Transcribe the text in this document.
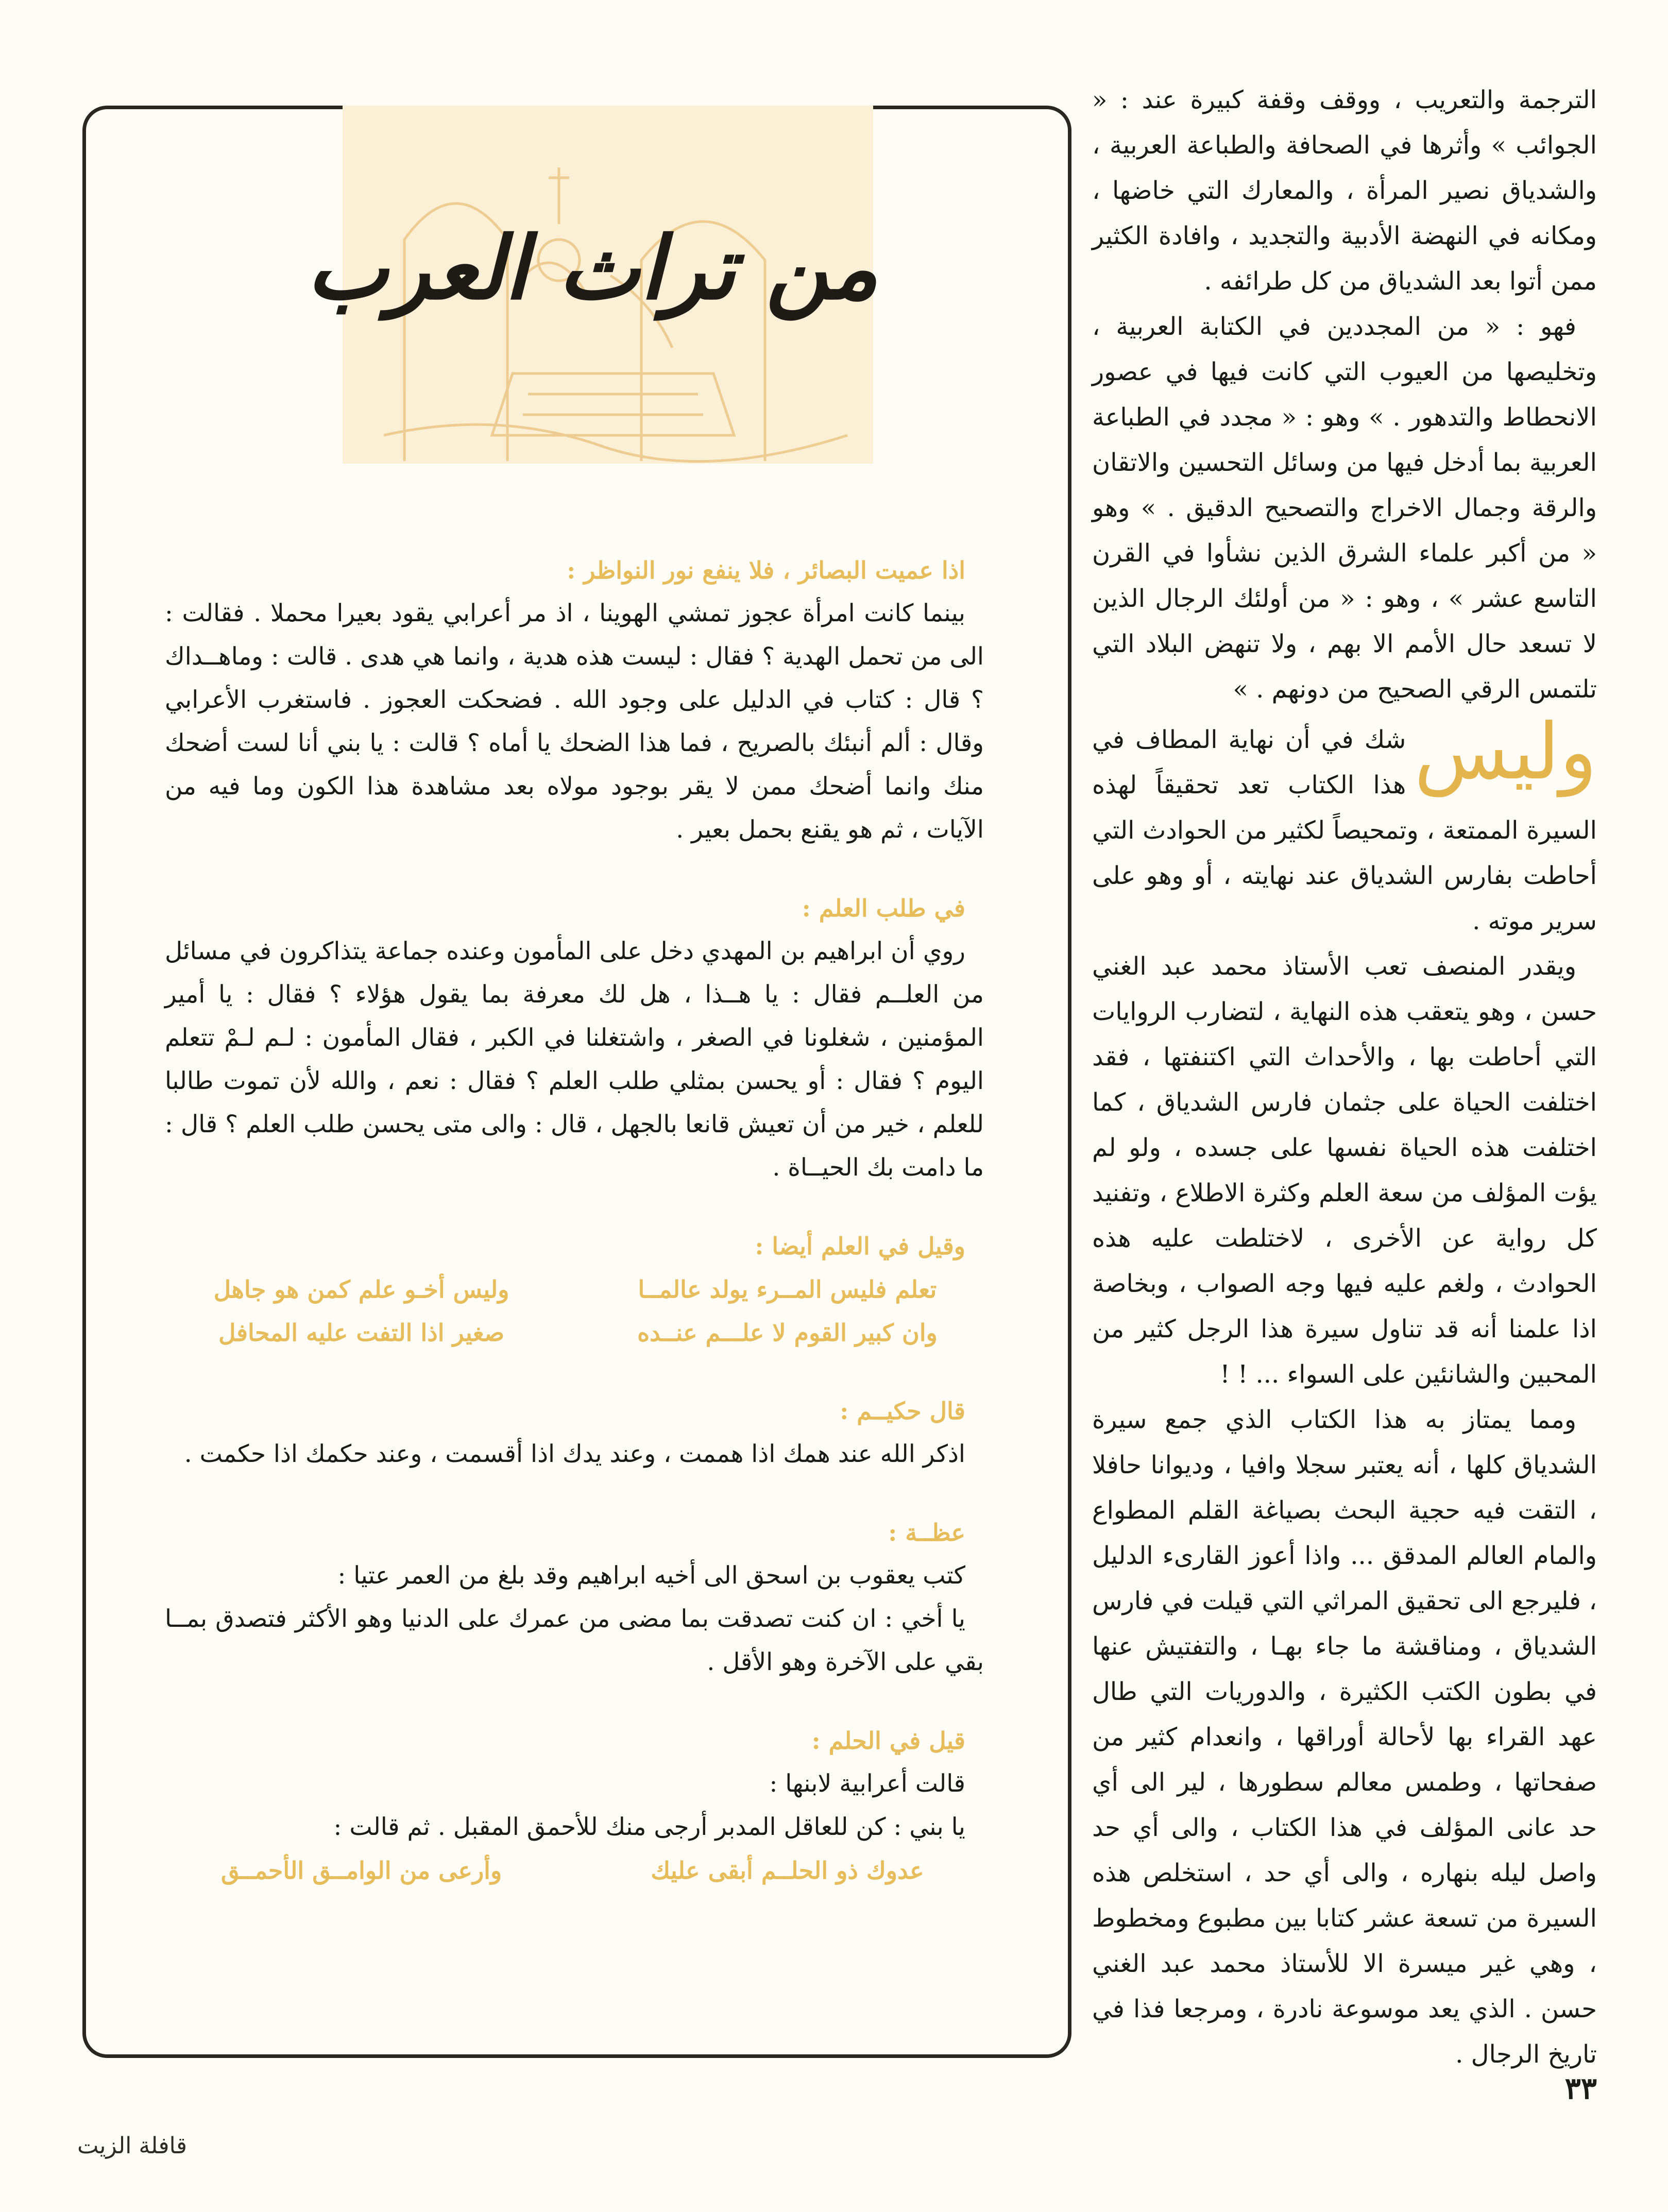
الترجمة والتعريب ، ووقف وقفة كبيرة عند : « الجوائب » وأثرها في الصحافة والطباعة العربية ، والشدياق نصير المرأة ، والمعارك التي خاضها ، ومكانه في النهضة الأدبية والتجديد ، وافادة الكثير ممن أتوا بعد الشدياق من كل طرائفه .

فهو : « من المجددين في الكتابة العربية ، وتخليصها من العيوب التي كانت فيها في عصور الانحطاط والتدهور . » وهو : « مجدد في الطباعة العربية بما أدخل فيها من وسائل التحسين والاتقان والرقة وجمال الاخراج والتصحيح الدقيق . » وهو « من أكبر علماء الشرق الذين نشأوا في القرن التاسع عشر » ، وهو : « من أولئك الرجال الذين لا تسعد حال الأمم الا بهم ، ولا تنهض البلاد التي تلتمس الرقي الصحيح من دونهم . »

وليس
شك في أن نهاية المطاف في هذا الكتاب تعد تحقيقاً لهذه السيرة الممتعة ، وتمحيصاً لكثير من الحوادث التي أحاطت بفارس الشدياق عند نهايته ، أو وهو على سرير موته .

ويقدر المنصف تعب الأستاذ محمد عبد الغني حسن ، وهو يتعقب هذه النهاية ، لتضارب الروايات التي أحاطت بها ، والأحداث التي اكتنفتها ، فقد اختلفت الحياة على جثمان فارس الشدياق ، كما اختلفت هذه الحياة نفسها على جسده ، ولو لم يؤت المؤلف من سعة العلم وكثرة الاطلاع ، وتفنيد كل رواية عن الأخرى ، لاختلطت عليه هذه الحوادث ، ولغم عليه فيها وجه الصواب ، وبخاصة اذا علمنا أنه قد تناول سيرة هذا الرجل كثير من المحبين والشانئين على السواء ... ! !

ومما يمتاز به هذا الكتاب الذي جمع سيرة الشدياق كلها ، أنه يعتبر سجلا وافيا ، وديوانا حافلا ، التقت فيه حجية البحث بصياغة القلم المطواع والمام العالم المدقق ... واذا أعوز القارىء الدليل ، فليرجع الى تحقيق المراثي التي قيلت في فارس الشدياق ، ومناقشة ما جاء بهـا ، والتفتيش عنها في بطون الكتب الكثيرة ، والدوريات التي طال عهد القراء بها لأحالة أوراقها ، وانعدام كثير من صفحاتها ، وطمس معالم سطورها ، لير الى أي حد عانى المؤلف في هذا الكتاب ، والى أي حد واصل ليله بنهاره ، والى أي حد ، استخلص هذه السيرة من تسعة عشر كتابا بين مطبوع ومخطوط ، وهي غير ميسرة الا للأستاذ محمد عبد الغني حسن . الذي يعد موسوعة نادرة ، ومرجعا فذا في تاريخ الرجال .

من تراث العرب

اذا عميت البصائر ، فلا ينفع نور النواظر :

بينما كانت امرأة عجوز تمشي الهوينا ، اذ مر أعرابي يقود بعيرا محملا . فقالت : الى من تحمل الهدية ؟ فقال : ليست هذه هدية ، وانما هي هدى . قالت : وماهــداك ؟ قال : كتاب في الدليل على وجود الله . فضحكت العجوز . فاستغرب الأعرابي وقال : ألم أنبئك بالصريح ، فما هذا الضحك يا أماه ؟ قالت : يا بني أنا لست أضحك منك وانما أضحك ممن لا يقر بوجود مولاه بعد مشاهدة هذا الكون وما فيه من الآيات ، ثم هو يقنع بحمل بعير .

في طلب العلم :

روي أن ابراهيم بن المهدي دخل على المأمون وعنده جماعة يتذاكرون في مسائل من العلــم فقال : يا هــذا ، هل لك معرفة بما يقول هؤلاء ؟ فقال : يا أمير المؤمنين ، شغلونا في الصغر ، واشتغلنا في الكبر ، فقال المأمون : لـم لـمْ تتعلم اليوم ؟ فقال : أو يحسن بمثلي طلب العلم ؟ فقال : نعم ، والله لأن تموت طالبا للعلم ، خير من أن تعيش قانعا بالجهل ، قال : والى متى يحسن طلب العلم ؟ قال : ما دامت بك الحيــاة .

وقيل في العلم أيضا :

تعلم فليس المــرء يولد عالمــا
وليس أخـو علم كمن هو جاهل
وان كبير القوم لا علـــم عنــده
صغير اذا التفت عليه المحافل

قال حكيــم :

اذكر الله عند همك اذا هممت ، وعند يدك اذا أقسمت ، وعند حكمك اذا حكمت .

عظــة :

كتب يعقوب بن اسحق الى أخيه ابراهيم وقد بلغ من العمر عتيا :

يا أخي : ان كنت تصدقت بما مضى من عمرك على الدنيا وهو الأكثر فتصدق بمــا بقي على الآخرة وهو الأقل .

قيل في الحلم :

قالت أعرابية لابنها :

يا بني : كن للعاقل المدبر أرجى منك للأحمق المقبل . ثم قالت :

عدوك ذو الحلــم أبقى عليك
وأرعى من الوامــق الأحمــق
٣٣
قافلة الزيت
